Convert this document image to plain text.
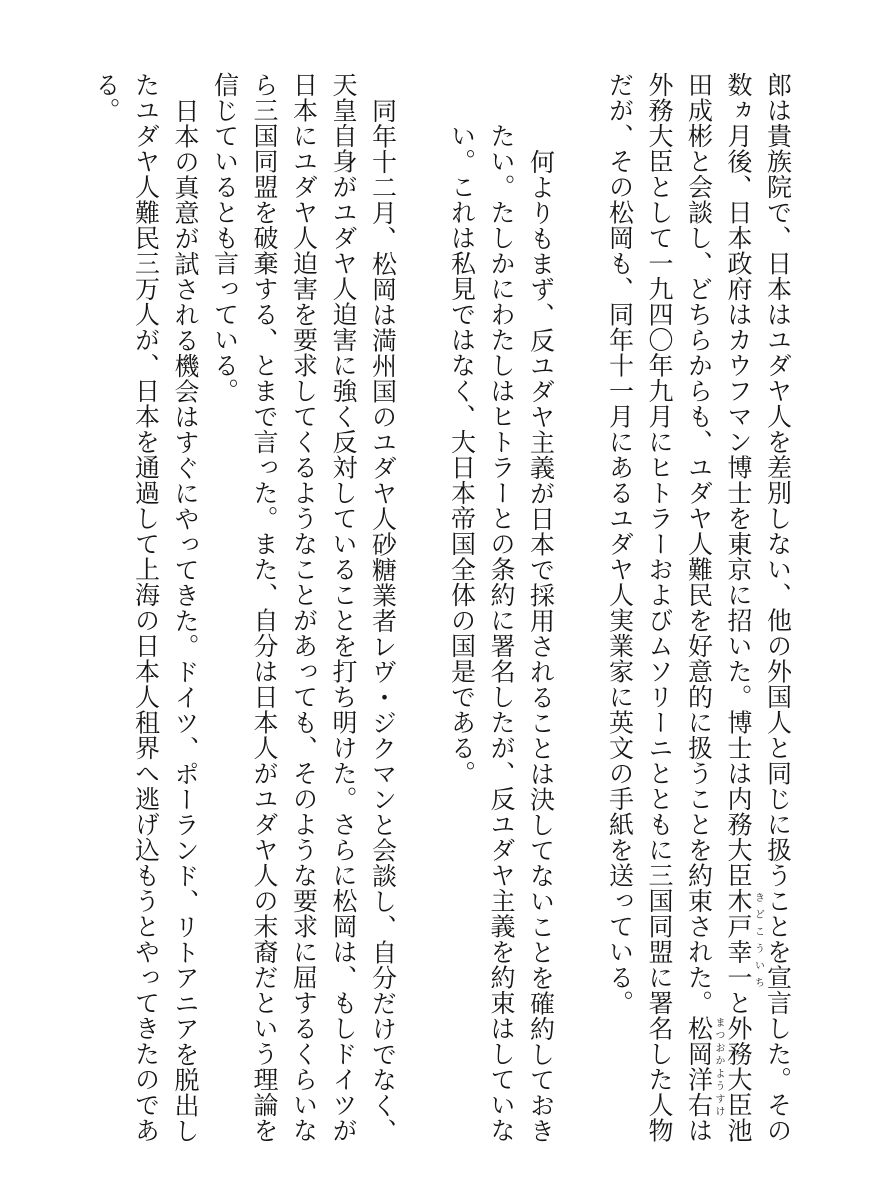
郎は貴族院で、日本はユダヤ人を差別しない、他の外国人と同じに扱うことを宣言した。その
数ヵ月後、日本政府はカウフマン博士を東京に招いた。博士は内務大臣木戸幸一と外務大臣池
田成彬と会談し、どちらからも、ユダヤ人難民を好意的に扱うことを約束された。松岡洋右は
外務大臣として一九四〇年九月にヒトラーおよびムソリーニとともに三国同盟に署名した人物
だが、その松岡も、同年十一月にあるユダヤ人実業家に英文の手紙を送っている。	きどこういち
まつおかようすけ
何よりもまず、反ユダヤ主義が日本で採用されることは決してないことを確約しておき
たい。たしかにわたしはヒトラーとの条約に署名したが、反ユダヤ主義を約束はしていな
い。これは私見ではなく、大日本帝国全体の国是である。
同年十二月、松岡は満州国のユダヤ人砂糖業者レヴ・ジクマンと会談し、自分だけでなく、
天皇自身がユダヤ人迫害に強く反対していることを打ち明けた。さらに松岡は、もしドイツが
日本にユダヤ人迫害を要求してくるようなことがあっても、そのような要求に屈するくらいな
ら三国同盟を破棄する、とまで言った。また、自分は日本人がユダヤ人の末裔だという理論を
信じているとも言っている。
日本の真意が試される機会はすぐにやってきた。ドイツ、ポーランド、リトアニアを脱出し
たユダヤ人難民三万人が、日本を通過して上海の日本人租界へ逃げ込もうとやってきたのであ
る。
